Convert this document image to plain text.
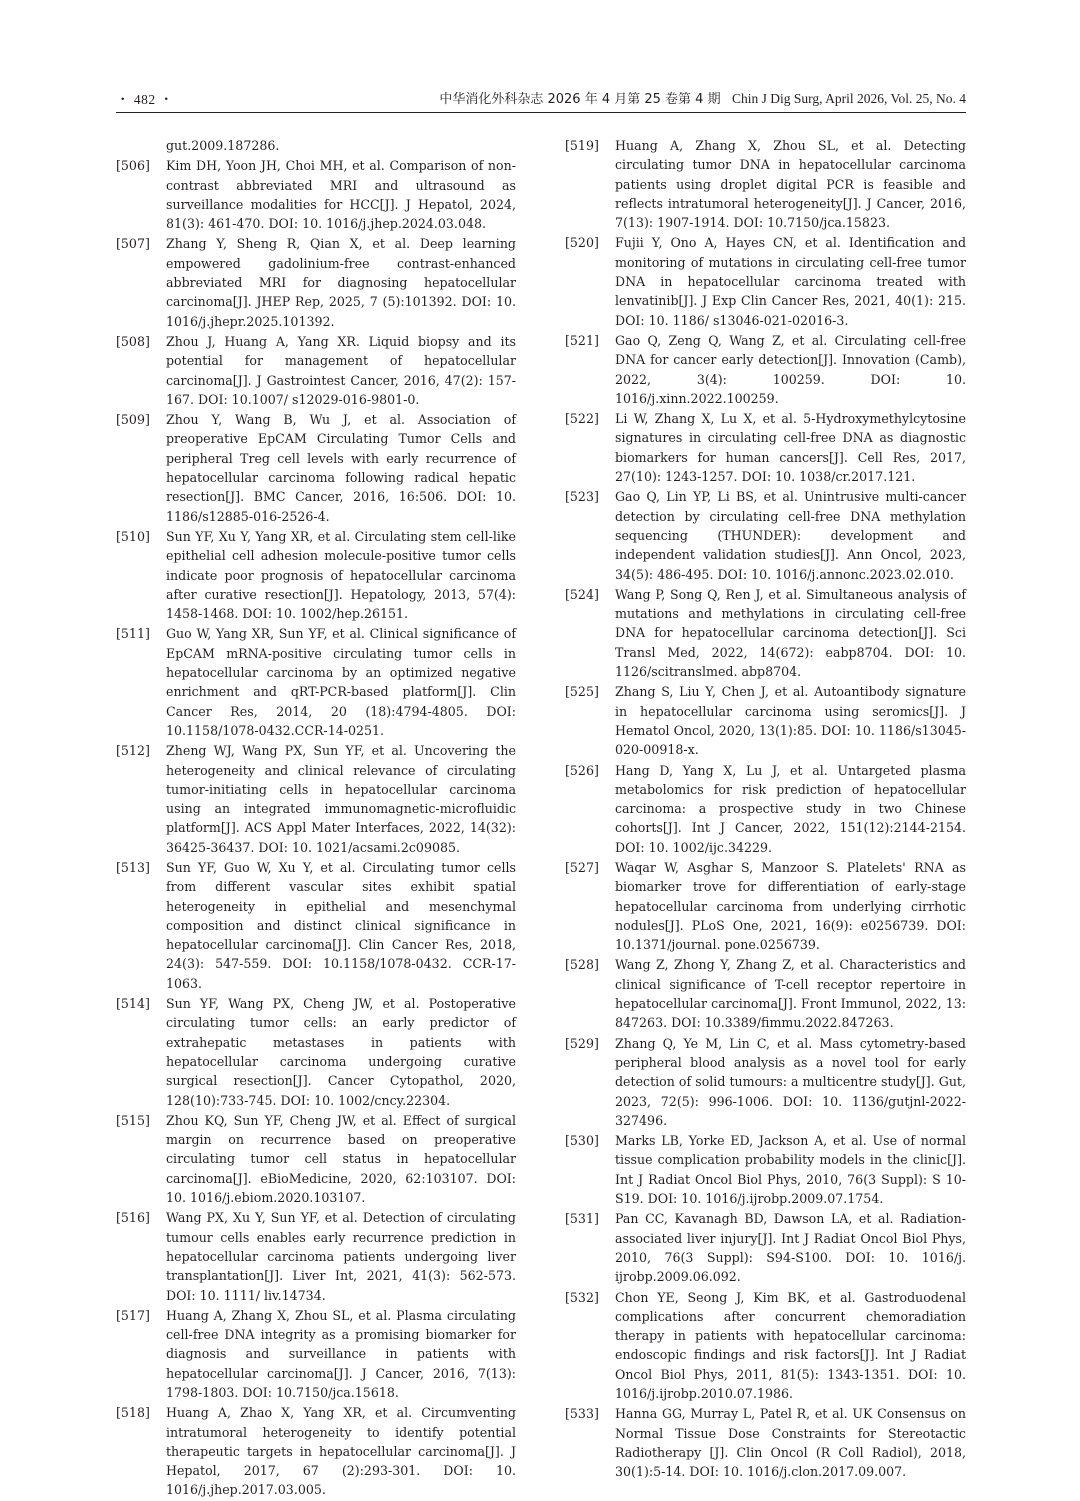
・ 482 ・	中华消化外科杂志 2026 年 4 月第 25 卷第 4 期 Chin J Dig Surg, April 2026, Vol. 25, No. 4
gut.2009.187286.
[506] Kim DH, Yoon JH, Choi MH, et al. Comparison of non-contrast abbreviated MRI and ultrasound as surveillance modalities for HCC[J]. J Hepatol, 2024, 81(3): 461-470. DOI: 10. 1016/j.jhep.2024.03.048.
[507] Zhang Y, Sheng R, Qian X, et al. Deep learning empowered gadolinium-free contrast-enhanced abbreviated MRI for diagnosing hepatocellular carcinoma[J]. JHEP Rep, 2025, 7 (5):101392. DOI: 10. 1016/j.jhepr.2025.101392.
[508] Zhou J, Huang A, Yang XR. Liquid biopsy and its potential for management of hepatocellular carcinoma[J]. J Gastrointest Cancer, 2016, 47(2): 157-167. DOI: 10.1007/ s12029-016-9801-0.
[509] Zhou Y, Wang B, Wu J, et al. Association of preoperative EpCAM Circulating Tumor Cells and peripheral Treg cell levels with early recurrence of hepatocellular carcinoma following radical hepatic resection[J]. BMC Cancer, 2016, 16:506. DOI: 10. 1186/s12885-016-2526-4.
[510] Sun YF, Xu Y, Yang XR, et al. Circulating stem cell-like epithelial cell adhesion molecule-positive tumor cells indicate poor prognosis of hepatocellular carcinoma after curative resection[J]. Hepatology, 2013, 57(4): 1458-1468. DOI: 10. 1002/hep.26151.
[511] Guo W, Yang XR, Sun YF, et al. Clinical significance of EpCAM mRNA-positive circulating tumor cells in hepatocellular carcinoma by an optimized negative enrichment and qRT-PCR-based platform[J]. Clin Cancer Res, 2014, 20 (18):4794-4805. DOI: 10.1158/1078-0432.CCR-14-0251.
[512] Zheng WJ, Wang PX, Sun YF, et al. Uncovering the heterogeneity and clinical relevance of circulating tumor-initiating cells in hepatocellular carcinoma using an integrated immunomagnetic-microfluidic platform[J]. ACS Appl Mater Interfaces, 2022, 14(32): 36425-36437. DOI: 10. 1021/acsami.2c09085.
[513] Sun YF, Guo W, Xu Y, et al. Circulating tumor cells from different vascular sites exhibit spatial heterogeneity in epithelial and mesenchymal composition and distinct clinical significance in hepatocellular carcinoma[J]. Clin Cancer Res, 2018, 24(3): 547-559. DOI: 10.1158/1078-0432. CCR-17-1063.
[514] Sun YF, Wang PX, Cheng JW, et al. Postoperative circulating tumor cells: an early predictor of extrahepatic metastases in patients with hepatocellular carcinoma undergoing curative surgical resection[J]. Cancer Cytopathol, 2020, 128(10):733-745. DOI: 10. 1002/cncy.22304.
[515] Zhou KQ, Sun YF, Cheng JW, et al. Effect of surgical margin on recurrence based on preoperative circulating tumor cell status in hepatocellular carcinoma[J]. eBioMedicine, 2020, 62:103107. DOI: 10. 1016/j.ebiom.2020.103107.
[516] Wang PX, Xu Y, Sun YF, et al. Detection of circulating tumour cells enables early recurrence prediction in hepatocellular carcinoma patients undergoing liver transplantation[J]. Liver Int, 2021, 41(3): 562-573. DOI: 10. 1111/ liv.14734.
[517] Huang A, Zhang X, Zhou SL, et al. Plasma circulating cell-free DNA integrity as a promising biomarker for diagnosis and surveillance in patients with hepatocellular carcinoma[J]. J Cancer, 2016, 7(13): 1798-1803. DOI: 10.7150/jca.15618.
[518] Huang A, Zhao X, Yang XR, et al. Circumventing intratumoral heterogeneity to identify potential therapeutic targets in hepatocellular carcinoma[J]. J Hepatol, 2017, 67 (2):293-301. DOI: 10. 1016/j.jhep.2017.03.005.
[519] Huang A, Zhang X, Zhou SL, et al. Detecting circulating tumor DNA in hepatocellular carcinoma patients using droplet digital PCR is feasible and reflects intratumoral heterogeneity[J]. J Cancer, 2016, 7(13): 1907-1914. DOI: 10.7150/jca.15823.
[520] Fujii Y, Ono A, Hayes CN, et al. Identification and monitoring of mutations in circulating cell-free tumor DNA in hepatocellular carcinoma treated with lenvatinib[J]. J Exp Clin Cancer Res, 2021, 40(1): 215. DOI: 10. 1186/ s13046-021-02016-3.
[521] Gao Q, Zeng Q, Wang Z, et al. Circulating cell-free DNA for cancer early detection[J]. Innovation (Camb), 2022, 3(4): 100259. DOI: 10. 1016/j.xinn.2022.100259.
[522] Li W, Zhang X, Lu X, et al. 5-Hydroxymethylcytosine signatures in circulating cell-free DNA as diagnostic biomarkers for human cancers[J]. Cell Res, 2017, 27(10): 1243-1257. DOI: 10. 1038/cr.2017.121.
[523] Gao Q, Lin YP, Li BS, et al. Unintrusive multi-cancer detection by circulating cell-free DNA methylation sequencing (THUNDER): development and independent validation studies[J]. Ann Oncol, 2023, 34(5): 486-495. DOI: 10. 1016/j.annonc.2023.02.010.
[524] Wang P, Song Q, Ren J, et al. Simultaneous analysis of mutations and methylations in circulating cell-free DNA for hepatocellular carcinoma detection[J]. Sci Transl Med, 2022, 14(672): eabp8704. DOI: 10. 1126/scitranslmed. abp8704.
[525] Zhang S, Liu Y, Chen J, et al. Autoantibody signature in hepatocellular carcinoma using seromics[J]. J Hematol Oncol, 2020, 13(1):85. DOI: 10. 1186/s13045-020-00918-x.
[526] Hang D, Yang X, Lu J, et al. Untargeted plasma metabolomics for risk prediction of hepatocellular carcinoma: a prospective study in two Chinese cohorts[J]. Int J Cancer, 2022, 151(12):2144-2154. DOI: 10. 1002/ijc.34229.
[527] Waqar W, Asghar S, Manzoor S. Platelets' RNA as biomarker trove for differentiation of early-stage hepatocellular carcinoma from underlying cirrhotic nodules[J]. PLoS One, 2021, 16(9): e0256739. DOI: 10.1371/journal. pone.0256739.
[528] Wang Z, Zhong Y, Zhang Z, et al. Characteristics and clinical significance of T-cell receptor repertoire in hepatocellular carcinoma[J]. Front Immunol, 2022, 13: 847263. DOI: 10.3389/fimmu.2022.847263.
[529] Zhang Q, Ye M, Lin C, et al. Mass cytometry-based peripheral blood analysis as a novel tool for early detection of solid tumours: a multicentre study[J]. Gut, 2023, 72(5): 996-1006. DOI: 10. 1136/gutjnl-2022-327496.
[530] Marks LB, Yorke ED, Jackson A, et al. Use of normal tissue complication probability models in the clinic[J]. Int J Radiat Oncol Biol Phys, 2010, 76(3 Suppl): S 10-S19. DOI: 10. 1016/j.ijrobp.2009.07.1754.
[531] Pan CC, Kavanagh BD, Dawson LA, et al. Radiation-associated liver injury[J]. Int J Radiat Oncol Biol Phys, 2010, 76(3 Suppl): S94-S100. DOI: 10. 1016/j. ijrobp.2009.06.092.
[532] Chon YE, Seong J, Kim BK, et al. Gastroduodenal complications after concurrent chemoradiation therapy in patients with hepatocellular carcinoma: endoscopic findings and risk factors[J]. Int J Radiat Oncol Biol Phys, 2011, 81(5): 1343-1351. DOI: 10. 1016/j.ijrobp.2010.07.1986.
[533] Hanna GG, Murray L, Patel R, et al. UK Consensus on Normal Tissue Dose Constraints for Stereotactic Radiotherapy [J]. Clin Oncol (R Coll Radiol), 2018, 30(1):5-14. DOI: 10. 1016/j.clon.2017.09.007.
